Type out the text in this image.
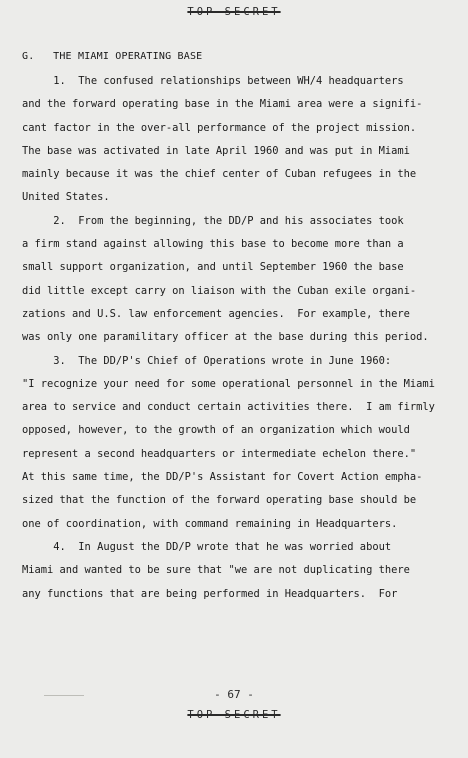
TOP SECRET
G.   THE MIAMI OPERATING BASE
1.  The confused relationships between WH/4 headquarters
and the forward operating base in the Miami area were a signifi-
cant factor in the over-all performance of the project mission.
The base was activated in late April 1960 and was put in Miami
mainly because it was the chief center of Cuban refugees in the
United States.
2.  From the beginning, the DD/P and his associates took
a firm stand against allowing this base to become more than a
small support organization, and until September 1960 the base
did little except carry on liaison with the Cuban exile organi-
zations and U.S. law enforcement agencies.  For example, there
was only one paramilitary officer at the base during this period.
3.  The DD/P's Chief of Operations wrote in June 1960:
"I recognize your need for some operational personnel in the Miami
area to service and conduct certain activities there.  I am firmly
opposed, however, to the growth of an organization which would
represent a second headquarters or intermediate echelon there."
At this same time, the DD/P's Assistant for Covert Action empha-
sized that the function of the forward operating base should be
one of coordination, with command remaining in Headquarters.
4.  In August the DD/P wrote that he was worried about
Miami and wanted to be sure that "we are not duplicating there
any functions that are being performed in Headquarters.  For
- 67 -
TOP SECRET
